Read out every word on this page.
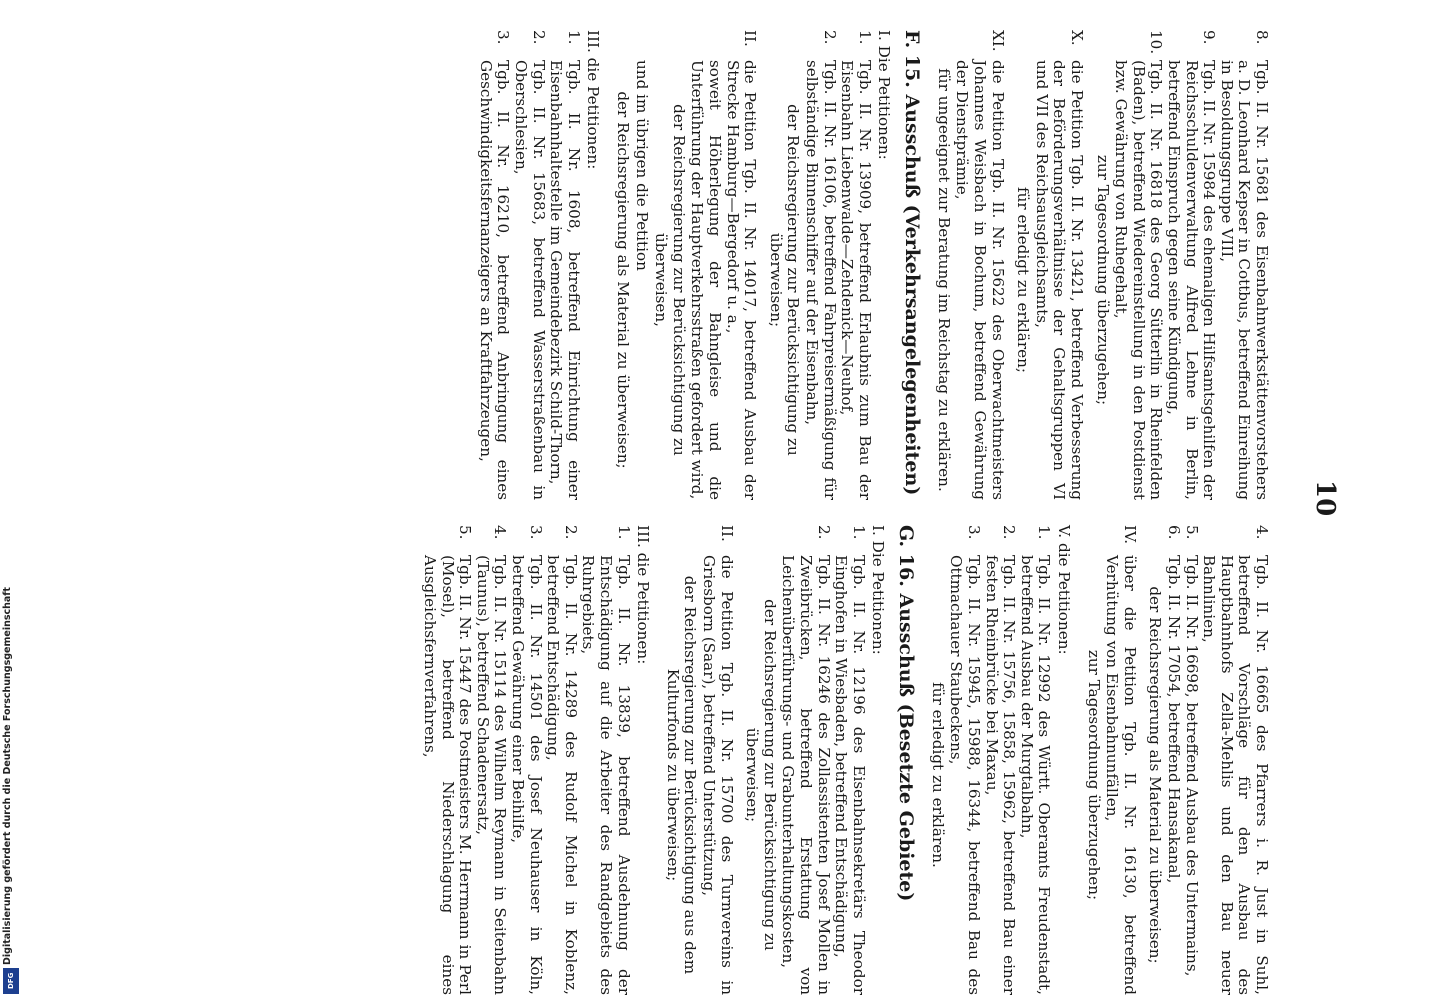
10

8.Tgb. II. Nr. 15681 des Eisenbahnwerkstättenvorstehers a. D. Leonhard Kepser in Cottbus, betreffend Einreihung in Besoldungsgruppe VIII,

9.Tgb. II. Nr. 15984 des ehemaligen Hilfsamtsgehilfen der Reichsschuldenverwaltung Alfred Lehne in Berlin, betreffend Einspruch gegen seine Kündigung,

10.Tgb. II. Nr. 16818 des Georg Sütterlin in Rheinfelden (Baden), betreffend Wiedereinstellung in den Postdienst bzw. Gewährung von Ruhegehalt,

zur Tagesordnung überzugehen;

X.die Petition Tgb. II. Nr. 13421, betreffend Verbesserung der Beförderungsverhältnisse der Gehaltsgruppen VI und VII des Reichsausgleichsamts,

für erledigt zu erklären;

XI.die Petition Tgb. II. Nr. 15622 des Oberwachtmeisters Johannes Weisbach in Bochum, betreffend Gewährung der Dienstprämie,

für ungeeignet zur Beratung im Reichstag zu erklären.

F. 15. Ausschuß (Verkehrsangelegenheiten)

I. Die Petitionen:

1.Tgb. II. Nr. 13909, betreffend Erlaubnis zum Bau der Eisenbahn Liebenwalde—Zehdenick—Neuhof,

2.Tgb. II. Nr. 16106, betreffend Fahrpreisermäßigung für selbständige Binnenschiffer auf der Eisenbahn,

der Reichsregierung zur Berücksichtigung zu überweisen;

II.die Petition Tgb. II. Nr. 14017, betreffend Ausbau der Strecke Hamburg—Bergedorf u. a.,

soweit Höherlegung der Bahngleise und die Unterführung der Hauptverkehrsstraßen gefordert wird,

der Reichsregierung zur Berücksichtigung zu überweisen,

und im übrigen die Petition

der Reichsregierung als Material zu überweisen;

III. die Petitionen:

1.Tgb. II. Nr. 1608, betreffend Einrichtung einer Eisenbahnhaltestelle im Gemeindebezirk Schild-Thorn,

2.Tgb. II. Nr. 15683, betreffend Wasserstraßenbau in Oberschlesien,

3.Tgb. II. Nr. 16210, betreffend Anbringung eines Geschwindigkeitsfernanzeigers an Kraftfahrzeugen,

4.Tgb. II. Nr. 16665 des Pfarrers i. R. Just in Suhl, betreffend Vorschläge für den Ausbau des Hauptbahnhofs Zella-Mehlis und den Bau neuer Bahnlinien,

5.Tgb. II. Nr. 16698, betreffend Ausbau des Untermains,

6.Tgb. II. Nr. 17054, betreffend Hansakanal,

der Reichsregierung als Material zu überweisen;

IV.über die Petition Tgb. II. Nr. 16130, betreffend Verhütung von Eisenbahnunfällen,

zur Tagesordnung überzugehen;

V. die Petitionen:

1.Tgb. II. Nr. 12992 des Württ. Oberamts Freudenstadt, betreffend Ausbau der Murgtalbahn,

2.Tgb. II. Nr. 15756, 15858, 15962, betreffend Bau einer festen Rheinbrücke bei Maxau,

3.Tgb. II. Nr. 15945, 15988, 16344, betreffend Bau des Ottmachauer Staubeckens,

für erledigt zu erklären.

G. 16. Ausschuß (Besetzte Gebiete)

I. Die Petitionen:

1.Tgb. II. Nr. 12196 des Eisenbahnsekretärs Theodor Einghofen in Wiesbaden, betreffend Entschädigung,

2.Tgb. II. Nr. 16246 des Zollassistenten Josef Mollen in Zweibrücken, betreffend Erstattung von Leichenüberführungs- und Grabunterhaltungskosten,

der Reichsregierung zur Berücksichtigung zu überweisen;

II.die Petition Tgb. II. Nr. 15700 des Turnvereins in Griesborn (Saar), betreffend Unterstützung,

der Reichsregierung zur Berücksichtigung aus dem Kulturfonds zu überweisen;

III. die Petitionen:

1.Tgb. II. Nr. 13839, betreffend Ausdehnung der Entschädigung auf die Arbeiter des Randgebiets des Ruhrgebiets,

2.Tgb. II. Nr. 14289 des Rudolf Michel in Koblenz, betreffend Entschädigung,

3.Tgb. II. Nr. 14501 des Josef Neuhauser in Köln, betreffend Gewährung einer Beihilfe,

4.Tgb. II. Nr. 15114 des Wilhelm Reymann in Seitenbahn (Taunus), betreffend Schadenersatz,

5.Tgb. II. Nr. 15447 des Postmeisters M. Herrmann in Perl (Mosel), betreffend Niederschlagung eines Ausgleichsfernverfahrens,

Digitalisierung gefördert durch die Deutsche Forschungsgemeinschaft
DFG
